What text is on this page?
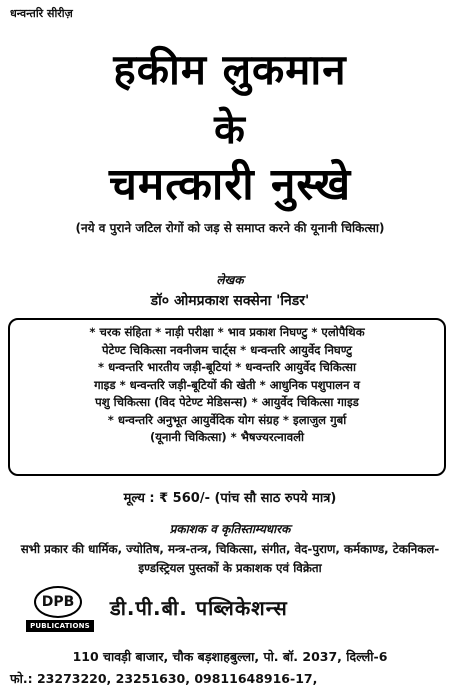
धन्वन्तरि सीरीज़
हकीम लुकमान
के
चमत्कारी नुस्खे
(नये व पुराने जटिल रोगों को जड़ से समाप्त करने की यूनानी चिकित्सा)
लेखक
डॉ० ओमप्रकाश सक्सेना 'निडर'
* चरक संहिता * नाड़ी परीक्षा * भाव प्रकाश निघण्टु * एलोपैथिक
पेटेण्ट चिकित्सा नवनीजम चार्ट्स * धन्वन्तरि आयुर्वेद निघण्टु
* धन्वन्तरि भारतीय जड़ी-बूटियां * धन्वन्तरि आयुर्वेद चिकित्सा
गाइड * धन्वन्तरि जड़ी-बूटियों की खेती * आधुनिक पशुपालन व
पशु चिकित्सा (विद पेटेण्ट मेडिसन्स) * आयुर्वेद चिकित्सा गाइड
* धन्वन्तरि अनुभूत आयुर्वेदिक योग संग्रह * इलाजुल गुर्बा
(यूनानी चिकित्सा) * भैषज्यरत्नावली
मूल्य : ₹ 560/- (पांच सौ साठ रुपये मात्र)
प्रकाशक व कृतिस्ताम्यधारक
सभी प्रकार की धार्मिक, ज्योतिष, मन्त्र-तन्त्र, चिकित्सा, संगीत, वेद-पुराण, कर्मकाण्ड, टेकनिकल-इण्डस्ट्रियल पुस्तकों के प्रकाशक एवं विक्रेता
DPB
PUBLICATIONS
डी.पी.बी. पब्लिकेशन्स
110 चावड़ी बाजार, चौक बड़शाहबुल्ला, पो. बॉ. 2037, दिल्ली-6
फो.: 23273220, 23251630, 09811648916-17,
